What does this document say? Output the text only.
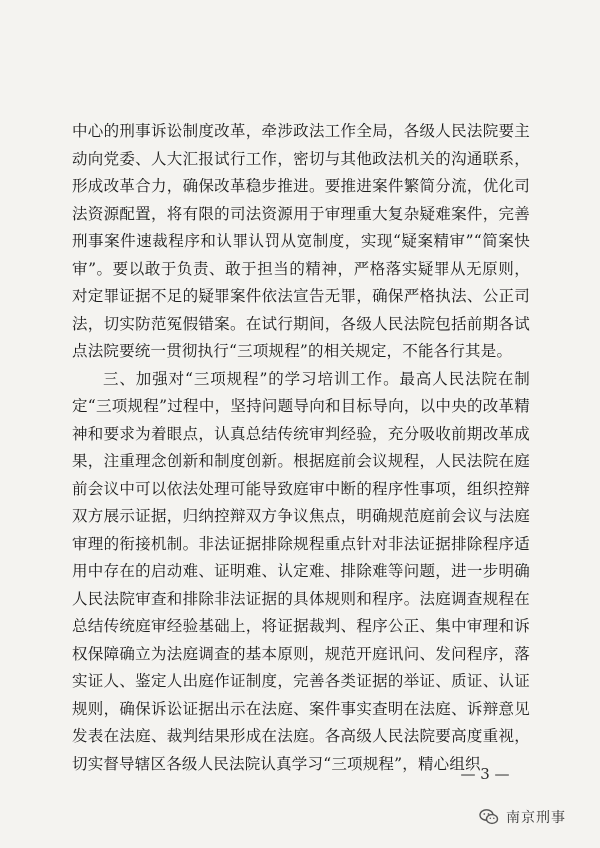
中心的刑事诉讼制度改革，牵涉政法工作全局，各级人民法院要主动向党委、人大汇报试行工作，密切与其他政法机关的沟通联系，形成改革合力，确保改革稳步推进。要推进案件繁简分流，优化司法资源配置，将有限的司法资源用于审理重大复杂疑难案件，完善刑事案件速裁程序和认罪认罚从宽制度，实现“疑案精审”“简案快审”。要以敢于负责、敢于担当的精神，严格落实疑罪从无原则，对定罪证据不足的疑罪案件依法宣告无罪，确保严格执法、公正司法，切实防范冤假错案。在试行期间，各级人民法院包括前期各试点法院要统一贯彻执行“三项规程”的相关规定，不能各行其是。

三、加强对“三项规程”的学习培训工作。最高人民法院在制定“三项规程”过程中，坚持问题导向和目标导向，以中央的改革精神和要求为着眼点，认真总结传统审判经验，充分吸收前期改革成果，注重理念创新和制度创新。根据庭前会议规程，人民法院在庭前会议中可以依法处理可能导致庭审中断的程序性事项，组织控辩双方展示证据，归纳控辩双方争议焦点，明确规范庭前会议与法庭审理的衔接机制。非法证据排除规程重点针对非法证据排除程序适用中存在的启动难、证明难、认定难、排除难等问题，进一步明确人民法院审查和排除非法证据的具体规则和程序。法庭调查规程在总结传统庭审经验基础上，将证据裁判、程序公正、集中审理和诉权保障确立为法庭调查的基本原则，规范开庭讯问、发问程序，落实证人、鉴定人出庭作证制度，完善各类证据的举证、质证、认证规则，确保诉讼证据出示在法庭、案件事实查明在法庭、诉辩意见发表在法庭、裁判结果形成在法庭。各高级人民法院要高度重视，切实督导辖区各级人民法院认真学习“三项规程”，精心组织

— 3 —
南京刑事
